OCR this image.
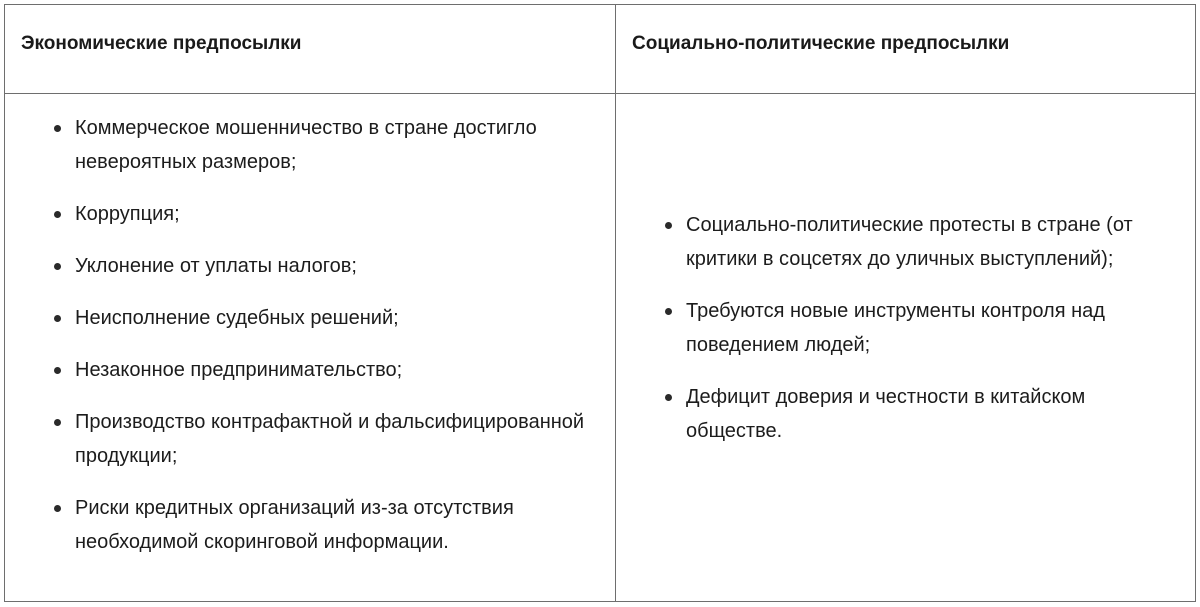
Экономические предпосылки	Социально-политические предпосылки
Коммерческое мошенничество в стране достигло невероятных размеров;
Коррупция;
Уклонение от уплаты налогов;
Неисполнение судебных решений;
Незаконное предпринимательство;
Производство контрафактной и фальсифицированной продукции;
Риски кредитных организаций из-за отсутствия необходимой скоринговой информации.
Социально-политические протесты в стране (от критики в соцсетях до уличных выступлений);
Требуются новые инструменты контроля над поведением людей;
Дефицит доверия и честности в китайском обществе.
